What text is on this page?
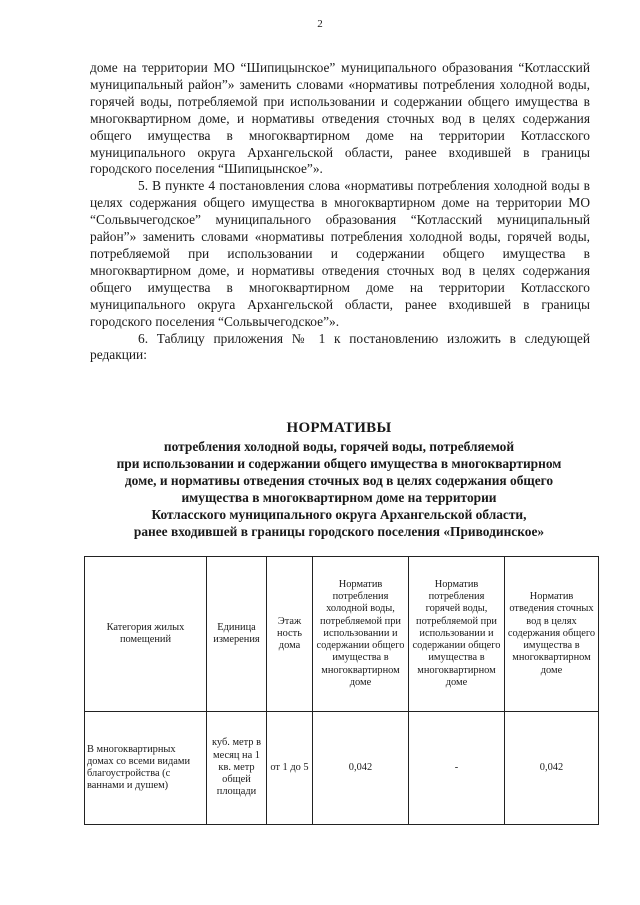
2

доме на территории МО “Шипицынское” муниципального образования “Котласский муниципальный район”» заменить словами «нормативы потребления холодной воды, горячей воды, потребляемой при использовании и содержании общего имущества в многоквартирном доме, и нормативы отведения сточных вод в целях содержания общего имущества в многоквартирном доме на территории Котласского муниципального округа Архангельской области, ранее входившей в границы городского поселения “Шипицынское”».

5. В пункте 4 постановления слова «нормативы потребления холодной воды в целях содержания общего имущества в многоквартирном доме на территории МО “Сольвычегодское” муниципального образования “Котласский муниципальный район”» заменить словами «нормативы потребления холодной воды, горячей воды, потребляемой при использовании и содержании общего имущества в многоквартирном доме, и нормативы отведения сточных вод в целях содержания общего имущества в многоквартирном доме на территории Котласского муниципального округа Архангельской области, ранее входившей в границы городского поселения “Сольвычегодское”».

6. Таблицу приложения № 1 к постановлению изложить в следующей редакции:

НОРМАТИВЫ
потребления холодной воды, горячей воды, потребляемой
при использовании и содержании общего имущества в многоквартирном
доме, и нормативы отведения сточных вод в целях содержания общего
имущества в многоквартирном доме на территории
Котласского муниципального округа Архангельской области,
ранее входившей в границы городского поселения «Приводинское»
Категория жилых помещений	Единица измерения	Этаж ность дома	Норматив потребления холодной воды, потребляемой при использовании и содержании общего имущества в многоквартирном доме	Норматив потребления горячей воды, потребляемой при использовании и содержании общего имущества в многоквартирном доме	Норматив отведения сточных вод в целях содержания общего имущества в многоквартирном доме
В многоквартирных домах со всеми видами благоустройства (с ваннами и душем)	куб. метр в месяц на 1 кв. метр общей площади	от 1 до 5	0,042	-	0,042
